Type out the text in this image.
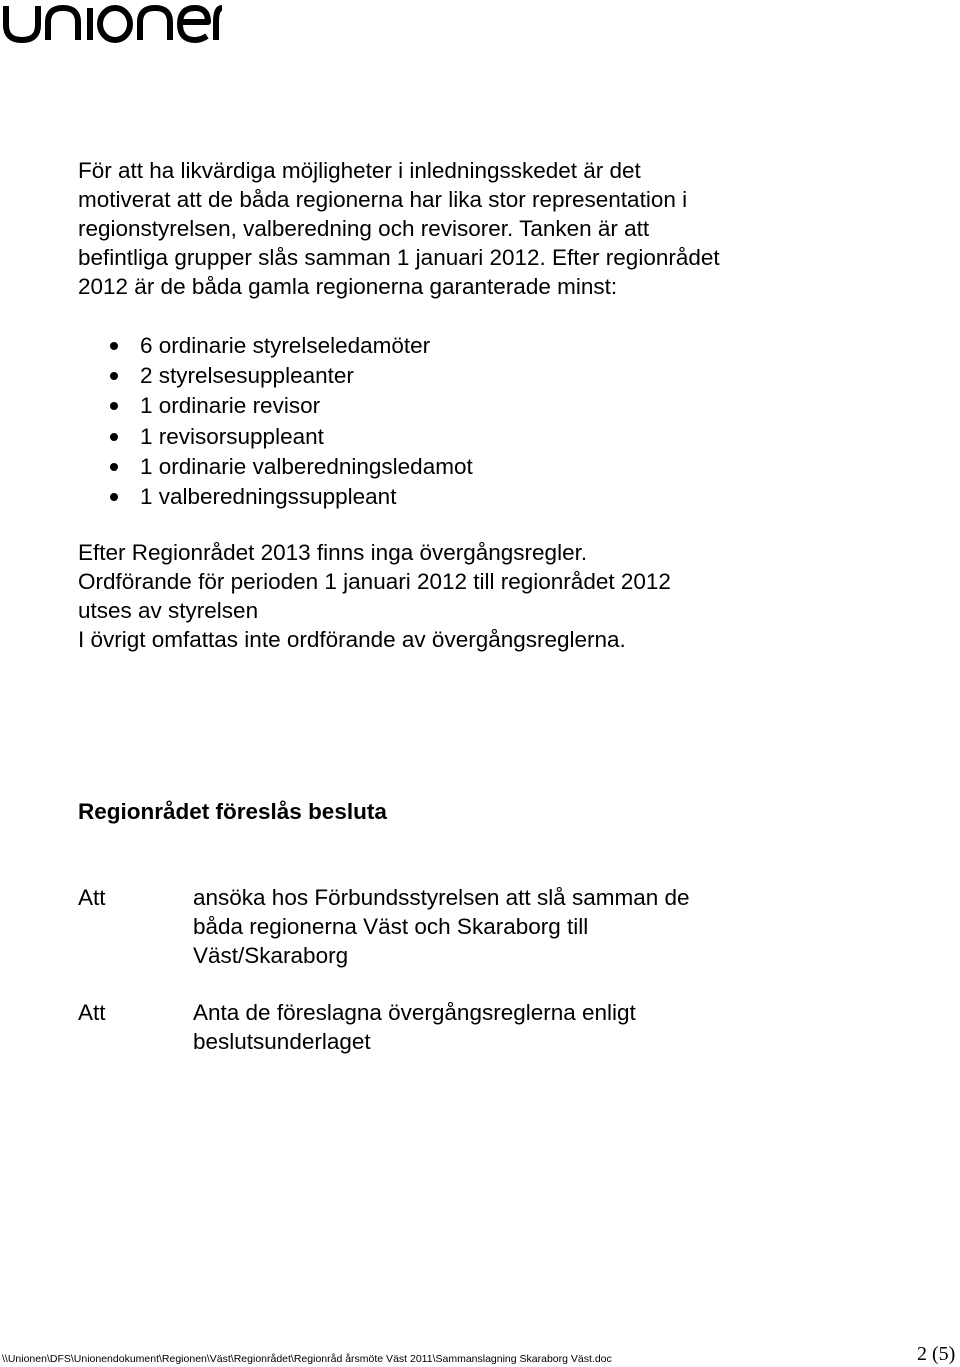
För att ha likvärdiga möjligheter i inledningsskedet är det
motiverat att de båda regionerna har lika stor representation i
regionstyrelsen, valberedning och revisorer. Tanken är att
befintliga grupper slås samman 1 januari 2012. Efter regionrådet
2012 är de båda gamla regionerna garanterade minst:

6 ordinarie styrelseledamöter
2 styrelsesuppleanter
1 ordinarie revisor
1 revisorsuppleant
1 ordinarie valberedningsledamot
1 valberedningssuppleant
Efter Regionrådet 2013 finns inga övergångsregler.
Ordförande för perioden 1 januari 2012 till regionrådet 2012
utses av styrelsen
I övrigt omfattas inte ordförande av övergångsreglerna.
Regionrådet föreslås besluta
Att	ansöka hos Förbundsstyrelsen att slå samman de
båda regionerna Väst och Skaraborg till
Väst/Skaraborg
Att	Anta de föreslagna övergångsreglerna enligt
beslutsunderlaget
\\Unionen\DFS\Unionendokument\Regionen\Väst\Regionrådet\Regionråd årsmöte Väst 2011\Sammanslagning Skaraborg Väst.doc	2 (5)
